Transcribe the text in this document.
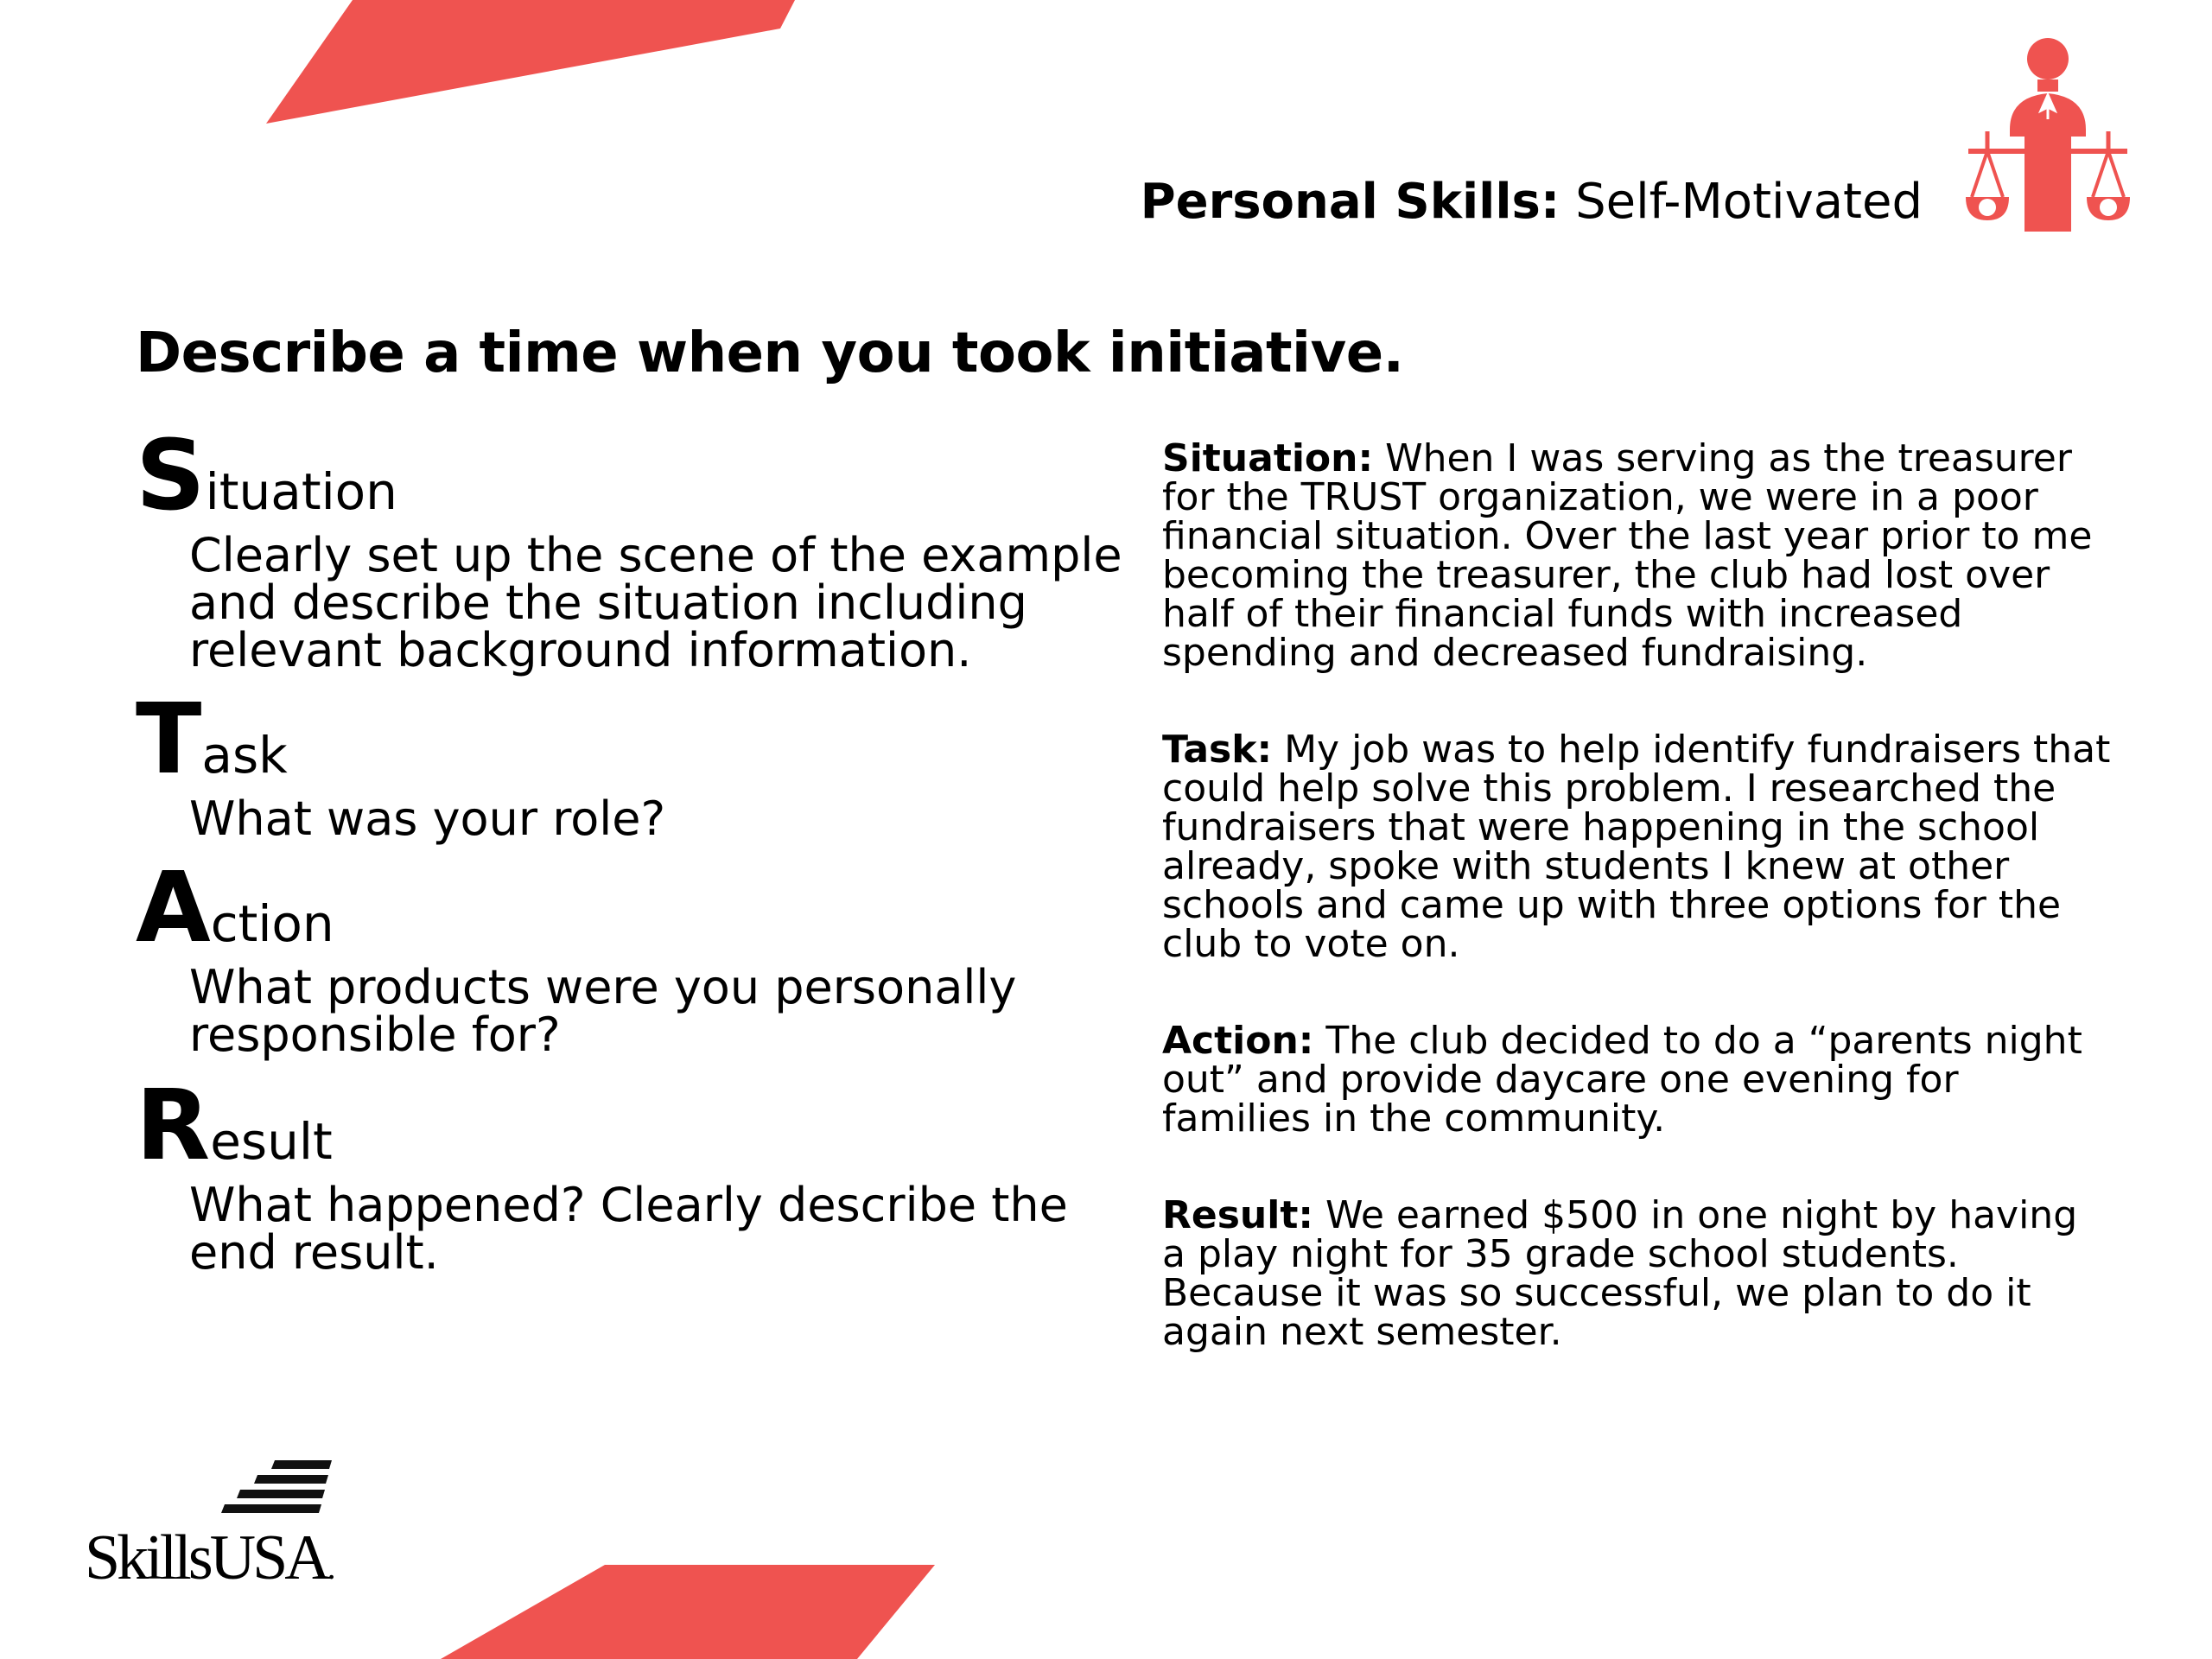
Personal Skills: Self-Motivated
Describe a time when you took initiative.

Situation

Clearly set up the scene of the example and describe the situation including relevant background information.

Task

What was your role?

Action

What products were you personally responsible for?

Result

What happened? Clearly describe the end result.

Situation: When I was serving as the treasurer for the TRUST organization, we were in a poor financial situation. Over the last year prior to me becoming the treasurer, the club had lost over half of their financial funds with increased spending and decreased fundraising.

Task: My job was to help identify fundraisers that could help solve this problem. I researched the fundraisers that were happening in the school already, spoke with students I knew at other schools and came up with three options for the club to vote on.

Action: The club decided to do a “parents night out” and provide daycare one evening for families in the community.

Result: We earned $500 in one night by having a play night for 35 grade school students. Because it was so successful, we plan to do it again next semester.

SkillsUSA.
